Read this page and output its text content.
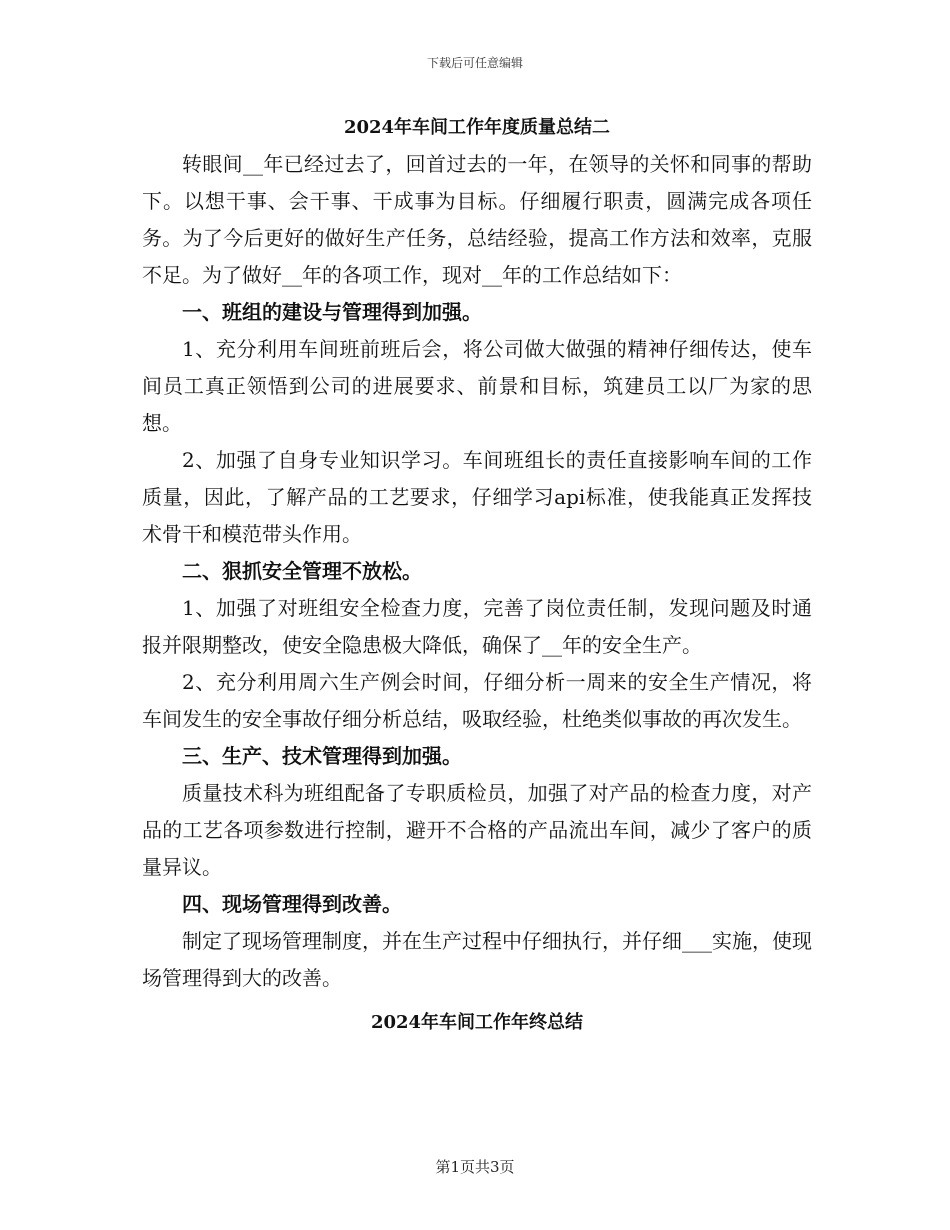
下载后可任意编辑

2024年车间工作年度质量总结二

转眼间__年已经过去了，回首过去的一年，在领导的关怀和同事的帮助下。以想干事、会干事、干成事为目标。仔细履行职责，圆满完成各项任务。为了今后更好的做好生产任务，总结经验，提高工作方法和效率，克服不足。为了做好__年的各项工作，现对__年的工作总结如下：

一、班组的建设与管理得到加强。

1、充分利用车间班前班后会，将公司做大做强的精神仔细传达，使车间员工真正领悟到公司的进展要求、前景和目标，筑建员工以厂为家的思想。

2、加强了自身专业知识学习。车间班组长的责任直接影响车间的工作质量，因此，了解产品的工艺要求，仔细学习api标准，使我能真正发挥技术骨干和模范带头作用。

二、狠抓安全管理不放松。

1、加强了对班组安全检查力度，完善了岗位责任制，发现问题及时通报并限期整改，使安全隐患极大降低，确保了__年的安全生产。

2、充分利用周六生产例会时间，仔细分析一周来的安全生产情况，将车间发生的安全事故仔细分析总结，吸取经验，杜绝类似事故的再次发生。

三、生产、技术管理得到加强。

质量技术科为班组配备了专职质检员，加强了对产品的检查力度，对产品的工艺各项参数进行控制，避开不合格的产品流出车间，减少了客户的质量异议。

四、现场管理得到改善。

制定了现场管理制度，并在生产过程中仔细执行，并仔细___实施，使现场管理得到大的改善。

2024年车间工作年终总结

第1页共3页
